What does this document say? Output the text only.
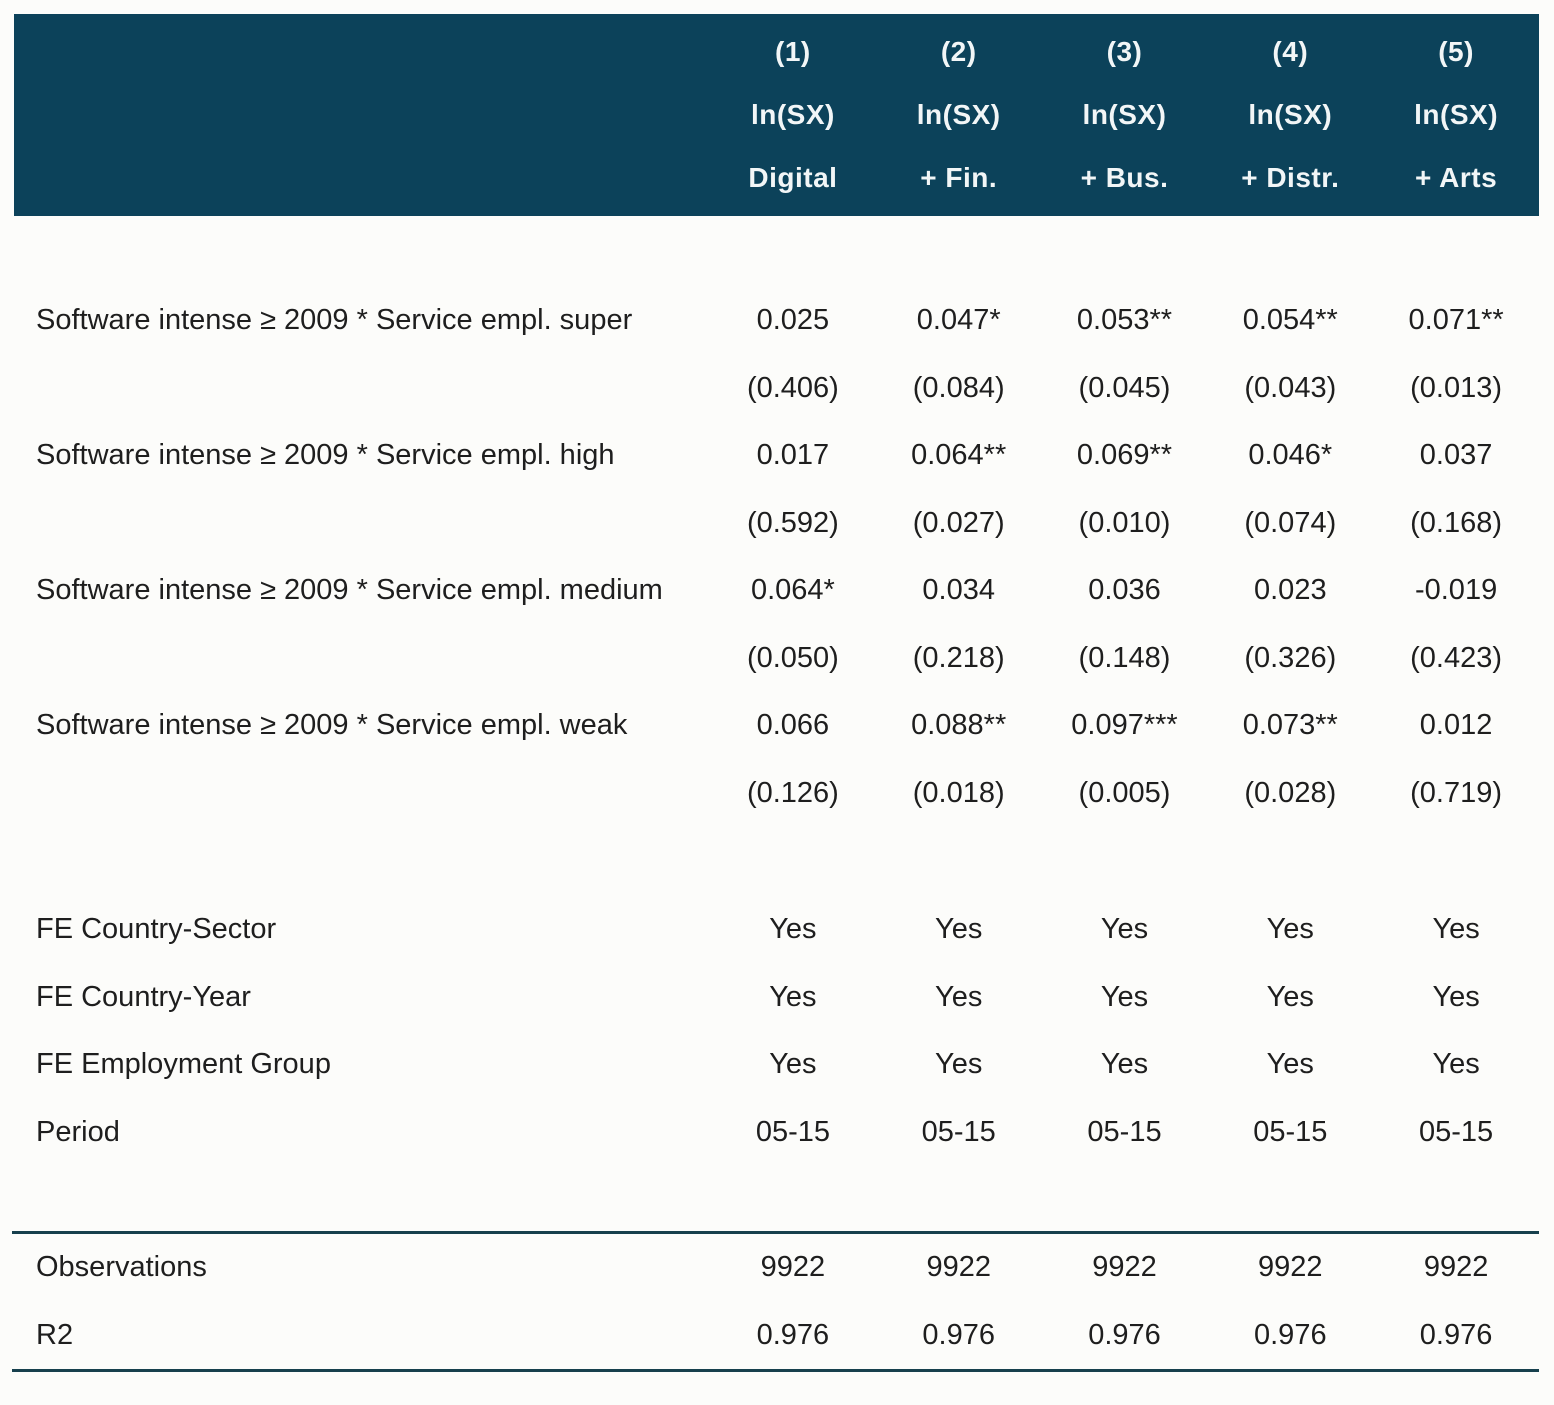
(1)	(2)	(3)	(4)	(5)
ln(SX)	ln(SX)	ln(SX)	ln(SX)	ln(SX)
Digital	+ Fin.	+ Bus.	+ Distr.	+ Arts
Software intense ≥ 2009 * Service empl. super	0.025	0.047*	0.053**	0.054**	0.071**
(0.406)	(0.084)	(0.045)	(0.043)	(0.013)
Software intense ≥ 2009 * Service empl. high	0.017	0.064**	0.069**	0.046*	0.037
(0.592)	(0.027)	(0.010)	(0.074)	(0.168)
Software intense ≥ 2009 * Service empl. medium	0.064*	0.034	0.036	0.023	-0.019
(0.050)	(0.218)	(0.148)	(0.326)	(0.423)
Software intense ≥ 2009 * Service empl. weak	0.066	0.088**	0.097***	0.073**	0.012
(0.126)	(0.018)	(0.005)	(0.028)	(0.719)
FE Country-Sector	Yes	Yes	Yes	Yes	Yes
FE Country-Year	Yes	Yes	Yes	Yes	Yes
FE Employment Group	Yes	Yes	Yes	Yes	Yes
Period	05-15	05-15	05-15	05-15	05-15
Observations	9922	9922	9922	9922	9922
R2	0.976	0.976	0.976	0.976	0.976
